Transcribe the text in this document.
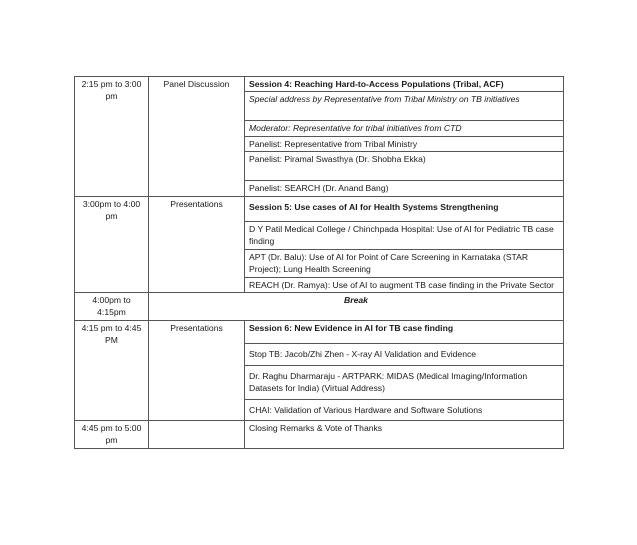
2:15 pm to 3:00 pm	Panel Discussion	Session 4: Reaching Hard-to-Access Populations (Tribal, ACF)
		Special address by Representative from Tribal Ministry on TB initiatives
		Moderator: Representative for tribal initiatives from CTD
		Panelist: Representative from Tribal Ministry
		Panelist: Piramal Swasthya (Dr. Shobha Ekka)
		Panelist: SEARCH (Dr. Anand Bang)
3:00pm to 4:00 pm	Presentations	Session 5: Use cases of AI for Health Systems Strengthening
		D Y Patil Medical College / Chinchpada Hospital: Use of AI for Pediatric TB case finding
		APT (Dr. Balu): Use of AI for Point of Care Screening in Karnataka (STAR Project); Lung Health Screening
		REACH (Dr. Ramya): Use of AI to augment TB case finding in the Private Sector
4:00pm to 4:15pm	Break	
4:15 pm to 4:45 PM	Presentations	Session 6: New Evidence in AI for TB case finding
		Stop TB: Jacob/Zhi Zhen - X-ray AI Validation and Evidence
		Dr. Raghu Dharmaraju - ARTPARK: MIDAS (Medical Imaging/Information Datasets for India) (Virtual Address)
		CHAI: Validation of Various Hardware and Software Solutions
4:45 pm to 5:00 pm		Closing Remarks & Vote of Thanks
